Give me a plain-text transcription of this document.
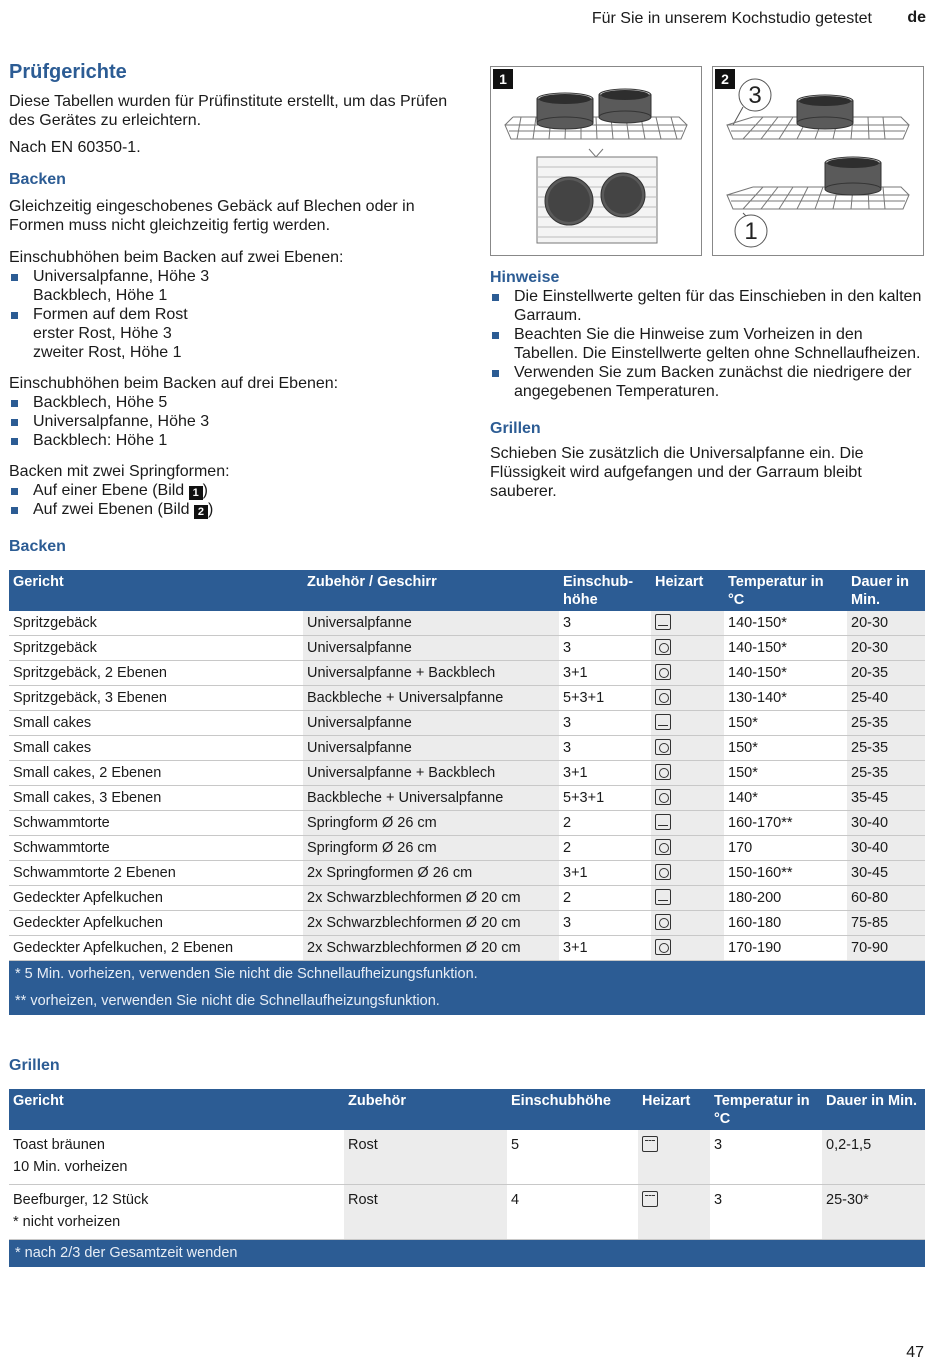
Für Sie in unserem Kochstudio getestet de
Prüfgerichte
Diese Tabellen wurden für Prüfinstitute erstellt, um das Prüfen des Gerätes zu erleichtern.
Nach EN 60350-1.
Backen
Gleichzeitig eingeschobenes Gebäck auf Blechen oder in Formen muss nicht gleichzeitig fertig werden.
Einschubhöhen beim Backen auf zwei Ebenen:
Universalpfanne, Höhe 3
Backblech, Höhe 1
Formen auf dem Rost
erster Rost, Höhe 3
zweiter Rost, Höhe 1
Einschubhöhen beim Backen auf drei Ebenen:
Backblech, Höhe 5
Universalpfanne, Höhe 3
Backblech: Höhe 1
Backen mit zwei Springformen:
Auf einer Ebene (Bild 1 )
Auf zwei Ebenen (Bild 2 )
1	2
3
1
Hinweise
Die Einstellwerte gelten für das Einschieben in den kalten Garraum.
Beachten Sie die Hinweise zum Vorheizen in den Tabellen. Die Einstellwerte gelten ohne Schnellaufheizen.
Verwenden Sie zum Backen zunächst die niedrigere der angegebenen Temperaturen.
Grillen
Schieben Sie zusätzlich die Universalpfanne ein. Die Flüssigkeit wird aufgefangen und der Garraum bleibt sauberer.
Backen
Gericht	Zubehör / Geschirr	Einschub-
höhe	Heizart	Temperatur in °C	Dauer in
Min.
Spritzgebäck	Universalpfanne	3		140-150*	20-30
Spritzgebäck	Universalpfanne	3		140-150*	20-30
Spritzgebäck, 2 Ebenen	Universalpfanne + Backblech	3+1		140-150*	20-35
Spritzgebäck, 3 Ebenen	Backbleche + Universalpfanne	5+3+1		130-140*	25-40
Small cakes	Universalpfanne	3		150*	25-35
Small cakes	Universalpfanne	3		150*	25-35
Small cakes, 2 Ebenen	Universalpfanne + Backblech	3+1		150*	25-35
Small cakes, 3 Ebenen	Backbleche + Universalpfanne	5+3+1		140*	35-45
Schwammtorte	Springform Ø 26 cm	2		160-170**	30-40
Schwammtorte	Springform Ø 26 cm	2		170	30-40
Schwammtorte 2 Ebenen	2x Springformen Ø 26 cm	3+1		150-160**	30-45
Gedeckter Apfelkuchen	2x Schwarzblechformen Ø 20 cm	2		180-200	60-80
Gedeckter Apfelkuchen	2x Schwarzblechformen Ø 20 cm	3		160-180	75-85
Gedeckter Apfelkuchen, 2 Ebenen	2x Schwarzblechformen Ø 20 cm	3+1		170-190	70-90
* 5 Min. vorheizen, verwenden Sie nicht die Schnellaufheizungsfunktion.					
** vorheizen, verwenden Sie nicht die Schnellaufheizungsfunktion.					
Grillen
Gericht	Zubehör	Einschubhöhe	Heizart	Temperatur in
°C	Dauer in Min.

Toast bräunen
10 Min. vorheizen	Rost	5		3	0,2-1,5

Beefburger, 12 Stück
* nicht vorheizen	Rost	4		3	25-30*
* nach 2/3 der Gesamtzeit wenden					
47
